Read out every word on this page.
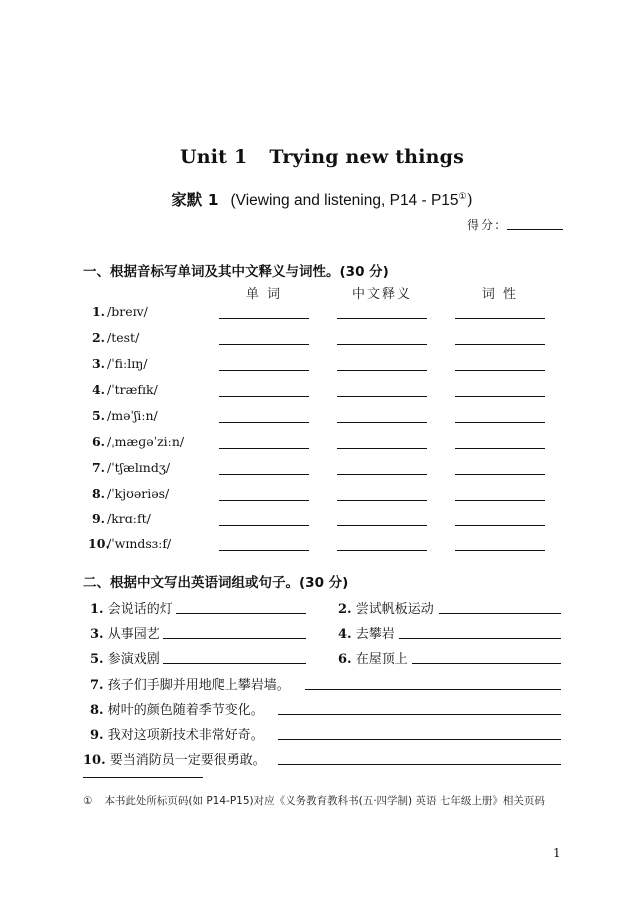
Unit 1 Trying new things
家默 1 (Viewing and listening, P14 - P15①)
得分:
一、根据音标写单词及其中文释义与词性。(30 分)
单 词	中文释义	词 性
1. /breɪv/
2. /test/
3. /ˈfiːlɪŋ/
4. /ˈtræfɪk/
5. /məˈʃiːn/
6. /ˌmæɡəˈziːn/
7. /ˈtʃælɪndʒ/
8. /ˈkjʊəriəs/
9. /krɑːft/
10./ˈwɪndsɜːf/
二、根据中文写出英语词组或句子。(30 分)
1. 会说话的灯	2. 尝试帆板运动
3. 从事园艺	4. 去攀岩
5. 参演戏剧	6. 在屋顶上
7. 孩子们手脚并用地爬上攀岩墙。
8. 树叶的颜色随着季节变化。
9. 我对这项新技术非常好奇。
10. 要当消防员一定要很勇敢。
① 本书此处所标页码(如 P14-P15)对应《义务教育教科书(五·四学制) 英语 七年级上册》相关页码
1
